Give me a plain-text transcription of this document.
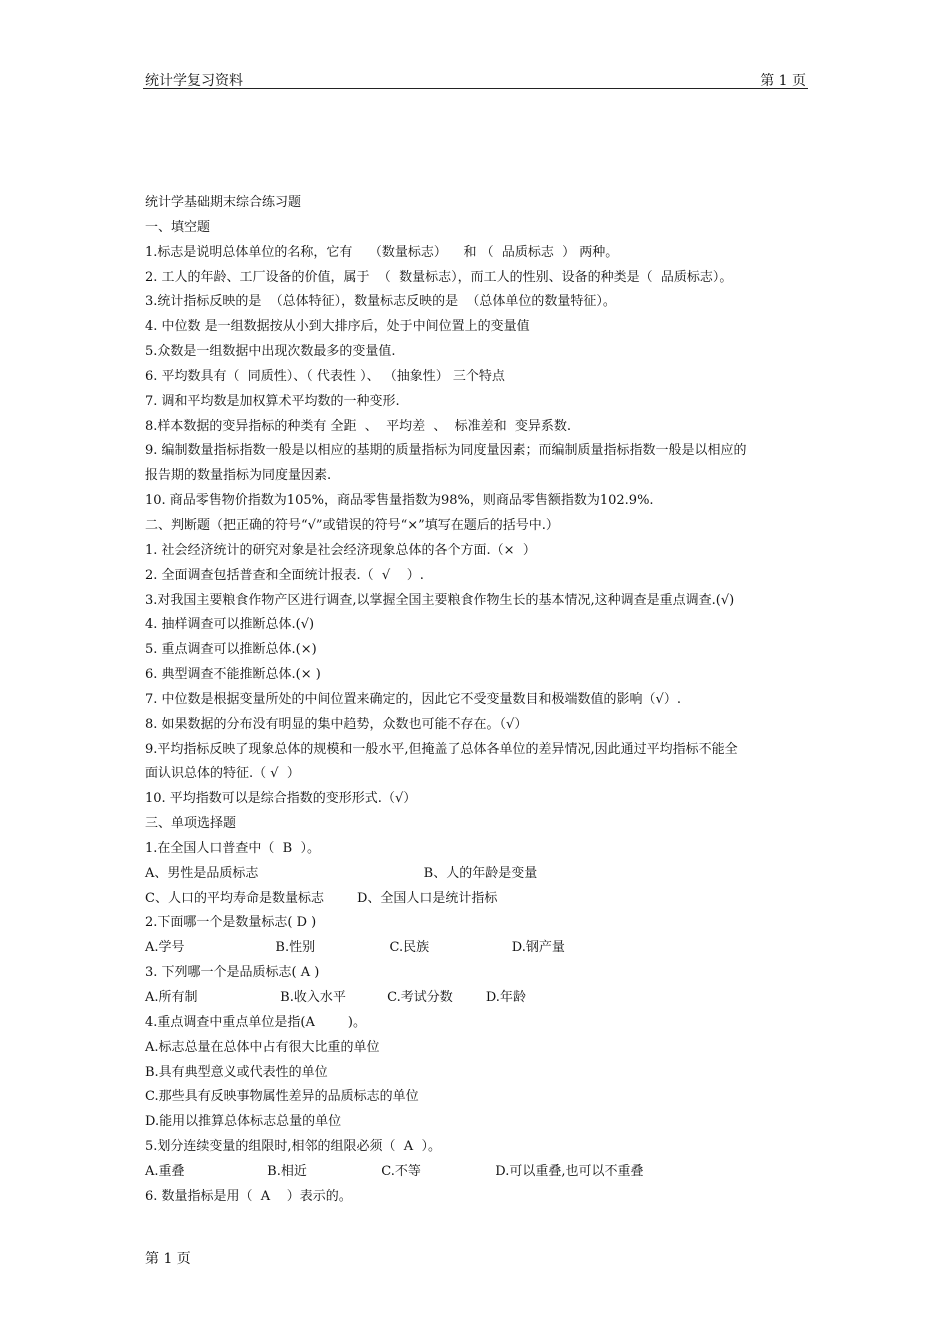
统计学复习资料	第 1 页
统计学基础期末综合练习题
一、填空题
1.标志是说明总体单位的名称，它有    （数量标志）    和 （  品质标志  ） 两种。
2. 工人的年龄、工厂设备的价值，属于  （  数量标志），而工人的性别、设备的种类是（  品质标志）。
3.统计指标反映的是  （总体特征），数量标志反映的是  （总体单位的数量特征）。
4. 中位数 是一组数据按从小到大排序后，处于中间位置上的变量值
5.众数是一组数据中出现次数最多的变量值.
6. 平均数具有（  同质性）、（ 代表性 ）、 （抽象性） 三个特点
7. 调和平均数是加权算术平均数的一种变形.
8.样本数据的变异指标的种类有 全距  、  平均差  、  标准差和  变异系数.
9. 编制数量指标指数一般是以相应的基期的质量指标为同度量因素；而编制质量指标指数一般是以相应的
报告期的数量指标为同度量因素.
10. 商品零售物价指数为105%，商品零售量指数为98%，则商品零售额指数为102.9%.
二、判断题（把正确的符号“√”或错误的符号“×”填写在题后的括号中.）
1. 社会经济统计的研究对象是社会经济现象总体的各个方面.（×  ）
2. 全面调查包括普查和全面统计报表.（  √    ）.
3.对我国主要粮食作物产区进行调查,以掌握全国主要粮食作物生长的基本情况,这种调查是重点调查.(√)
4. 抽样调查可以推断总体.(√)
5. 重点调查可以推断总体.(×)
6. 典型调查不能推断总体.(× )
7. 中位数是根据变量所处的中间位置来确定的，因此它不受变量数目和极端数值的影响（√）.
8. 如果数据的分布没有明显的集中趋势，众数也可能不存在。（√）
9.平均指标反映了现象总体的规模和一般水平,但掩盖了总体各单位的差异情况,因此通过平均指标不能全
面认识总体的特征.（ √  ）
10. 平均指数可以是综合指数的变形形式.（√）
三、单项选择题
1.在全国人口普查中（  B  ）。
A、男性是品质标志                                        B、人的年龄是变量
C、人口的平均寿命是数量标志        D、全国人口是统计指标
2.下面哪一个是数量标志( D )
A.学号                      B.性别                  C.民族                    D.钢产量
3. 下列哪一个是品质标志( A )
A.所有制                    B.收入水平          C.考试分数        D.年龄
4.重点调查中重点单位是指(A        )。
A.标志总量在总体中占有很大比重的单位
B.具有典型意义或代表性的单位
C.那些具有反映事物属性差异的品质标志的单位
D.能用以推算总体标志总量的单位
5.划分连续变量的组限时,相邻的组限必须（  A  ）。
A.重叠                    B.相近                  C.不等                  D.可以重叠,也可以不重叠
6. 数量指标是用（  A    ）表示的。
第 1 页
